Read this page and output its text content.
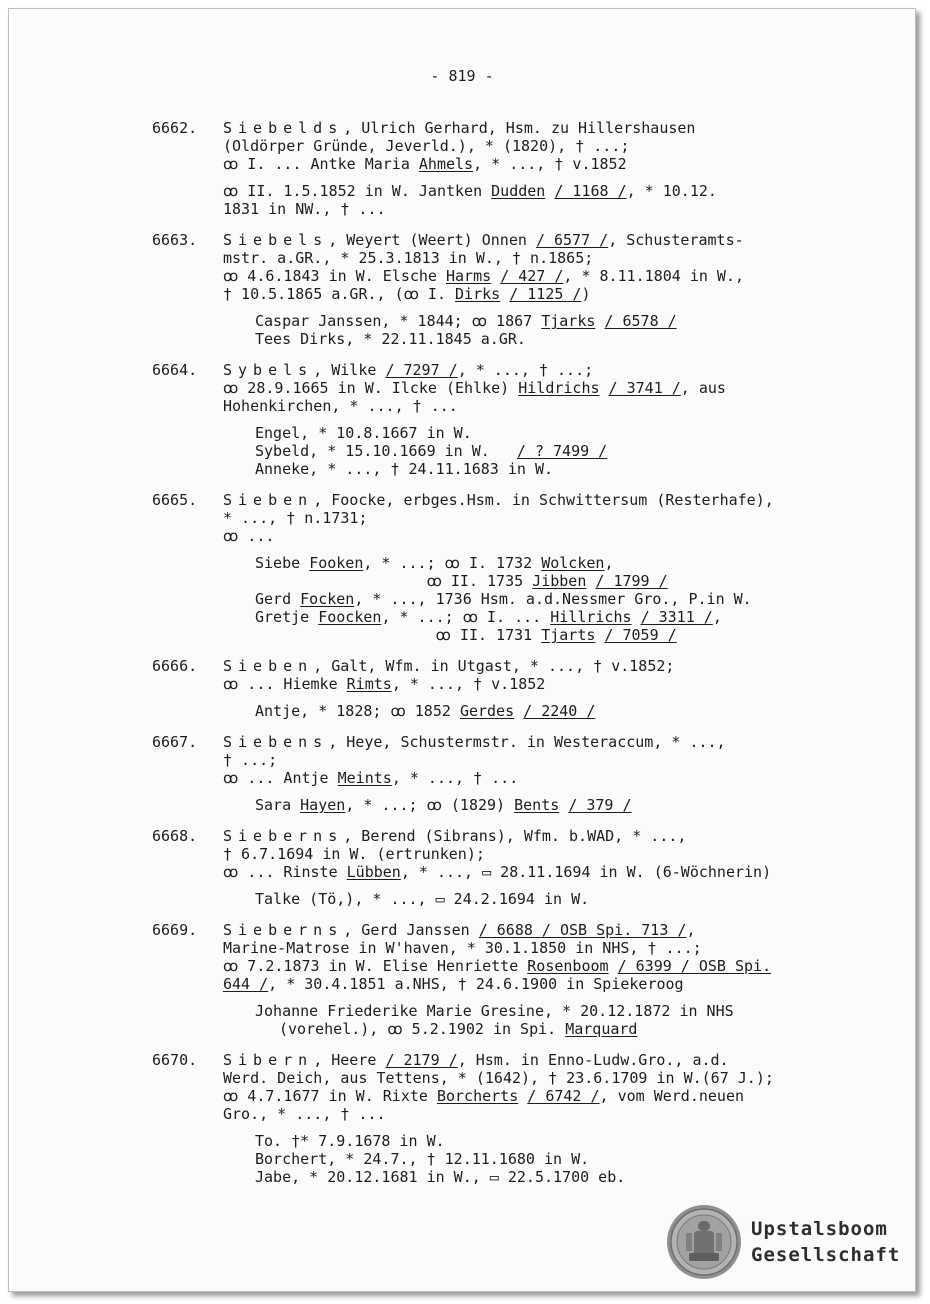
- 819 -
6662. Siebelds, Ulrich Gerhard, Hsm. zu Hillershausen
(Oldörper Gründe, Jeverld.), * (1820), † ...;
ꝏ I. ... Antke Maria Ahmels, * ..., † v.1852
ꝏ II. 1.5.1852 in W. Jantken Dudden / 1168 /, * 10.12.
1831 in NW., † ...
6663. Siebels, Weyert (Weert) Onnen / 6577 /, Schusteramts-
mstr. a.GR., * 25.3.1813 in W., † n.1865;
ꝏ 4.6.1843 in W. Elsche Harms / 427 /, * 8.11.1804 in W.,
† 10.5.1865 a.GR., (ꝏ I. Dirks / 1125 /)
Caspar Janssen, * 1844; ꝏ 1867 Tjarks / 6578 /
Tees Dirks, * 22.11.1845 a.GR.
6664. Sybels, Wilke / 7297 /, * ..., † ...;
ꝏ 28.9.1665 in W. Ilcke (Ehlke) Hildrichs / 3741 /, aus
Hohenkirchen, * ..., † ...
Engel, * 10.8.1667 in W.
Sybeld, * 15.10.1669 in W.   / ? 7499 /
Anneke, * ..., † 24.11.1683 in W.
6665. Sieben, Foocke, erbges.Hsm. in Schwittersum (Resterhafe),
* ..., † n.1731;
ꝏ ...
Siebe Fooken, * ...; ꝏ I. 1732 Wolcken,
ꝏ II. 1735 Jibben / 1799 /
Gerd Focken, * ..., 1736 Hsm. a.d.Nessmer Gro., P.in W.
Gretje Foocken, * ...; ꝏ I. ... Hillrichs / 3311 /,
ꝏ II. 1731 Tjarts / 7059 /
6666. Sieben, Galt, Wfm. in Utgast, * ..., † v.1852;
ꝏ ... Hiemke Rimts, * ..., † v.1852
Antje, * 1828; ꝏ 1852 Gerdes / 2240 /
6667. Siebens, Heye, Schustermstr. in Westeraccum, * ...,
† ...;
ꝏ ... Antje Meints, * ..., † ...
Sara Hayen, * ...; ꝏ (1829) Bents / 379 /
6668. Sieberns, Berend (Sibrans), Wfm. b.WAD, * ...,
† 6.7.1694 in W. (ertrunken);
ꝏ ... Rinste Lübben, * ..., ▭ 28.11.1694 in W. (6-Wöchnerin)
Talke (Tö,), * ..., ▭ 24.2.1694 in W.
6669. Sieberns, Gerd Janssen / 6688 / OSB Spi. 713 /,
Marine-Matrose in W'haven, * 30.1.1850 in NHS, † ...;
ꝏ 7.2.1873 in W. Elise Henriette Rosenboom / 6399 / OSB Spi.
644 /, * 30.4.1851 a.NHS, † 24.6.1900 in Spiekeroog
Johanne Friederike Marie Gresine, * 20.12.1872 in NHS
(vorehel.), ꝏ 5.2.1902 in Spi. Marquard
6670. Sibern, Heere / 2179 /, Hsm. in Enno-Ludw.Gro., a.d.
Werd. Deich, aus Tettens, * (1642), † 23.6.1709 in W.(67 J.);
ꝏ 4.7.1677 in W. Rixte Borcherts / 6742 /, vom Werd.neuen
Gro., * ..., † ...
To. †* 7.9.1678 in W.
Borchert, * 24.7., † 12.11.1680 in W.
Jabe, * 20.12.1681 in W., ▭ 22.5.1700 eb.
Upstalsboom
Gesellschaft
